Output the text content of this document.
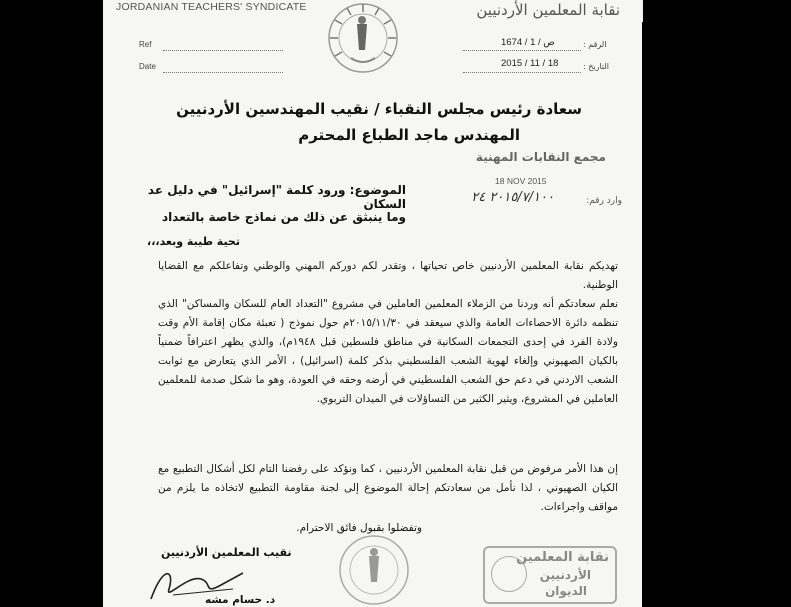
JORDANIAN TEACHERS' SYNDICATE	نقابة المعلمين الأردنيين
Ref
Date
الرقم :
ص / 1 / 1674
التاريخ :
2015 / 11 / 18
سعادة رئيس مجلس النقباء / نقيب المهندسين الأردنيين
المهندس ماجد الطباع المحترم
مجمع النقابات المهنية
18 NOV 2015
وارد رقم:
٢٠١٥/٧/١٠٠ ٢٤
الموضوع: ورود كلمة "إسرائيل" في دليل عد السكان
وما ينبثق عن ذلك من نماذج خاصة بالتعداد
تحية طيبة وبعد،،،
تهديكم نقابة المعلمين الأردنيين خاص تحياتها ، وتقدر لكم دوركم المهني والوطني وتفاعلكم مع القضايا الوطنية.
نعلم سعادتكم أنه وردنا من الزملاء المعلمين العاملين في مشروع "التعداد العام للسكان والمساكن" الذي تنظمه دائرة الاحصاءات العامة والذي سيعقد في ٢٠١٥/١١/٣٠م حول نموذج ( تعبئة مكان إقامة الأم وقت ولادة الفرد في إحدى التجمعات السكانية في مناطق فلسطين قبل ١٩٤٨م)، والذي يظهر اعترافاً ضمنياً بالكيان الصهيوني وإلغاء لهوية الشعب الفلسطيني بذكر كلمة (اسرائيل) ، الأمر الذي يتعارض مع ثوابت الشعب الاردني في دعم حق الشعب الفلسطيني في أرضه وحقه في العودة، وهو ما شكل صدمة للمعلمين العاملين في المشروع، ويثير الكثير من التساؤلات في الميدان التربوي.
إن هذا الأمر مرفوض من قبل نقابة المعلمين الأردنيين ، كما ونؤكد على رفضنا التام لكل أشكال التطبيع مع الكيان الصهيوني ، لذا نأمل من سعادتكم إحالة الموضوع إلى لجنة مقاومة التطبيع لاتخاذه ما يلزم من مواقف واجراءات.
وتفضلوا بقبول فائق الاحترام.
نقيب المعلمين الأردنيين
د. حسام مشه
نقابة المعلمين
الأردنيين
الديوان
